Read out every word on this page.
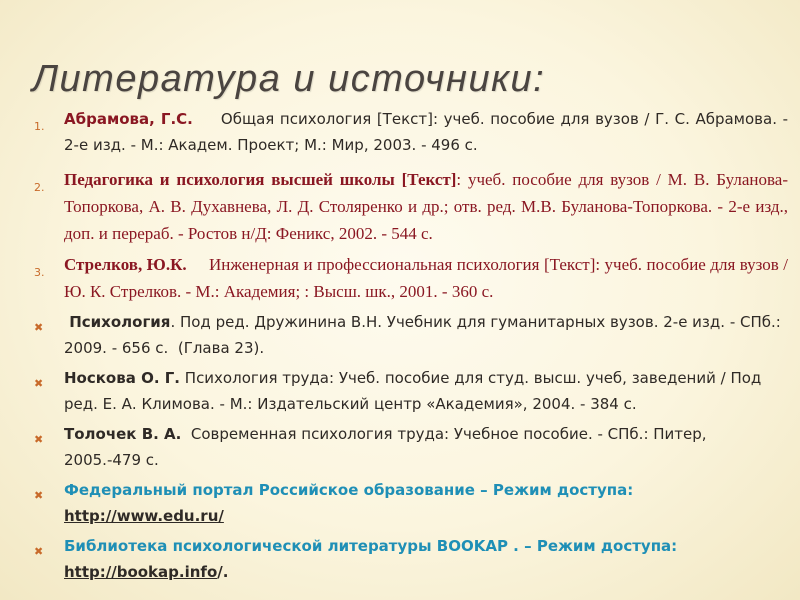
Литература и источники:
1. Абрамова, Г.С.     Общая психология [Текст]: учеб. пособие для вузов / Г. С. Абрамова. - 2-е изд. - М.: Академ. Проект; М.: Мир, 2003. - 496 с.
2. Педагогика и психология высшей школы [Текст]: учеб. пособие для вузов / М. В. Буланова-Топоркова, А. В. Духавнева, Л. Д. Столяренко и др.; отв. ред. М.В. Буланова-Топоркова. - 2-е изд., доп. и перераб. - Ростов н/Д: Феникс, 2002. - 544 с.
3. Стрелков, Ю.К.     Инженерная и профессиональная психология [Текст]: учеб. пособие для вузов / Ю. К. Стрелков. - М.: Академия; : Высш. шк., 2001. - 360 с.
✖ Психология. Под ред. Дружинина В.Н. Учебник для гуманитарных вузов. 2-е изд. - СПб.: 2009. - 656 с.  (Глава 23).
✖ Носкова О. Г. Психология труда: Учеб. пособие для студ. высш. учеб, заведений / Под ред. Е. А. Климова. - М.: Издательский центр «Академия», 2004. - 384 с.
✖ Толочек В. А.  Современная психология труда: Учебное пособие. - СПб.: Питер, 2005.-479 с.
✖ Федеральный портал Российское образование – Режим доступа:
http://www.edu.ru/
✖ Библиотека психологической литературы BOOKAP . – Режим доступа:
http://bookap.info/.
